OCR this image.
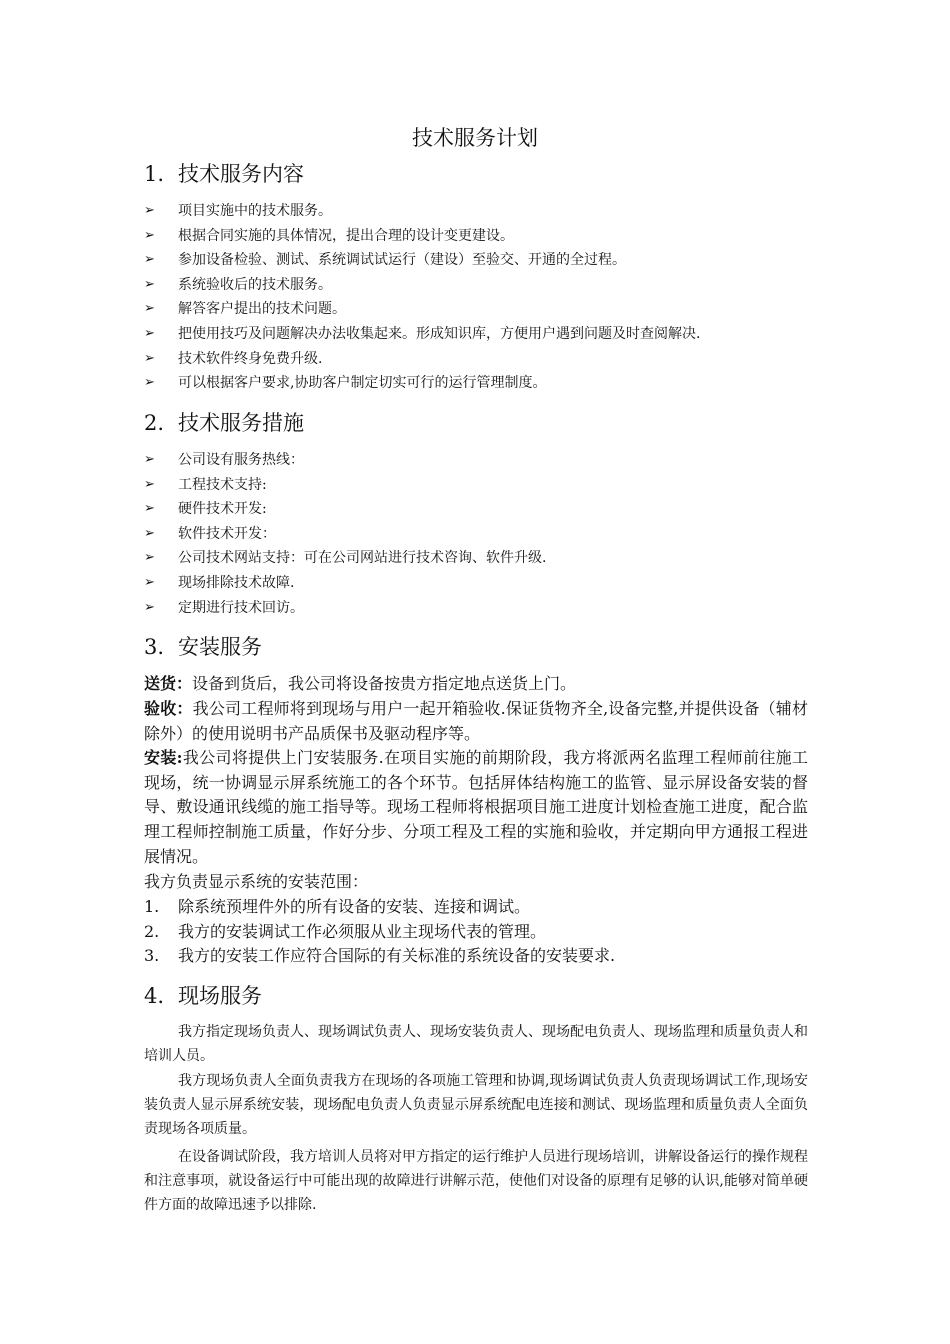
技术服务计划
1. 技术服务内容
➢ 项目实施中的技术服务。
➢ 根据合同实施的具体情况，提出合理的设计变更建设。
➢ 参加设备检验、测试、系统调试试运行（建设）至验交、开通的全过程。
➢ 系统验收后的技术服务。
➢ 解答客户提出的技术问题。
➢ 把使用技巧及问题解决办法收集起来。形成知识库，方便用户遇到问题及时查阅解决.
➢ 技术软件终身免费升级.
➢ 可以根据客户要求,协助客户制定切实可行的运行管理制度。
2. 技术服务措施
➢ 公司设有服务热线：
➢ 工程技术支持:
➢ 硬件技术开发:
➢ 软件技术开发：
➢ 公司技术网站支持：可在公司网站进行技术咨询、软件升级.
➢ 现场排除技术故障.
➢ 定期进行技术回访。
3. 安装服务
送货：设备到货后，我公司将设备按贵方指定地点送货上门。
验收：我公司工程师将到现场与用户一起开箱验收.保证货物齐全,设备完整,并提供设备（辅材除外）的使用说明书产品质保书及驱动程序等。
安装:我公司将提供上门安装服务.在项目实施的前期阶段，我方将派两名监理工程师前往施工现场，统一协调显示屏系统施工的各个环节。包括屏体结构施工的监管、显示屏设备安装的督导、敷设通讯线缆的施工指导等。现场工程师将根据项目施工进度计划检查施工进度，配合监理工程师控制施工质量，作好分步、分项工程及工程的实施和验收，并定期向甲方通报工程进展情况。
我方负责显示系统的安装范围：
1. 除系统预埋件外的所有设备的安装、连接和调试。
2. 我方的安装调试工作必须服从业主现场代表的管理。
3. 我方的安装工作应符合国际的有关标准的系统设备的安装要求.
4. 现场服务

我方指定现场负责人、现场调试负责人、现场安装负责人、现场配电负责人、现场监理和质量负责人和培训人员。

我方现场负责人全面负责我方在现场的各项施工管理和协调,现场调试负责人负责现场调试工作,现场安装负责人显示屏系统安装，现场配电负责人负责显示屏系统配电连接和测试、现场监理和质量负责人全面负责现场各项质量。

在设备调试阶段，我方培训人员将对甲方指定的运行维护人员进行现场培训，讲解设备运行的操作规程和注意事项，就设备运行中可能出现的故障进行讲解示范，使他们对设备的原理有足够的认识,能够对简单硬件方面的故障迅速予以排除.
